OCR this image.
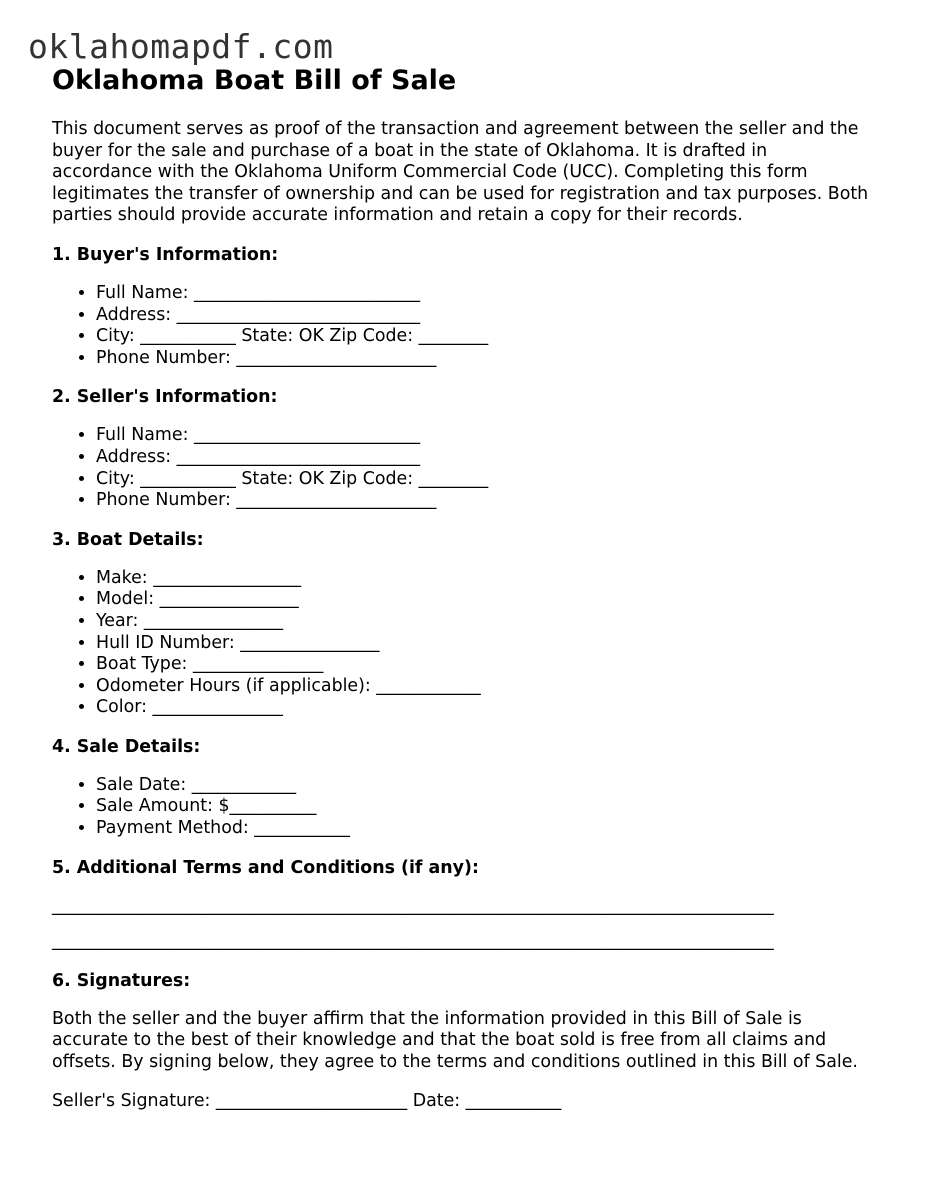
oklahomapdf.com
Oklahoma Boat Bill of Sale

This document serves as proof of the transaction and agreement between the seller and the buyer for the sale and purchase of a boat in the state of Oklahoma. It is drafted in accordance with the Oklahoma Uniform Commercial Code (UCC). Completing this form legitimates the transfer of ownership and can be used for registration and tax purposes. Both parties should provide accurate information and retain a copy for their records.

1. Buyer's Information:
• Full Name: __________________________
• Address: ____________________________
• City: ___________ State: OK Zip Code: ________
• Phone Number: _______________________
2. Seller's Information:
• Full Name: __________________________
• Address: ____________________________
• City: ___________ State: OK Zip Code: ________
• Phone Number: _______________________
3. Boat Details:
• Make: _________________
• Model: ________________
• Year: ________________
• Hull ID Number: ________________
• Boat Type: _______________
• Odometer Hours (if applicable): ____________
• Color: _______________
4. Sale Details:
• Sale Date: ____________
• Sale Amount: $__________
• Payment Method: ___________
5. Additional Terms and Conditions (if any):
___________________________________________________________________________________
___________________________________________________________________________________
6. Signatures:

Both the seller and the buyer affirm that the information provided in this Bill of Sale is accurate to the best of their knowledge and that the boat sold is free from all claims and offsets. By signing below, they agree to the terms and conditions outlined in this Bill of Sale.

Seller's Signature: ______________________ Date: ___________
